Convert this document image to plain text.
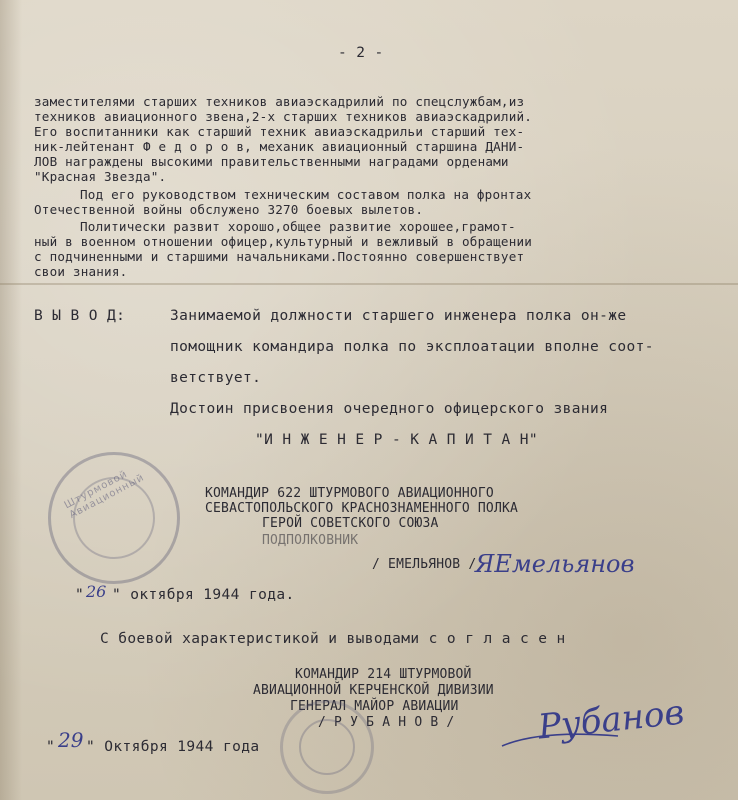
- 2 -
заместителями старших техников авиаэскадрилий по спецслужбам,из
техников авиационного звена,2-х старших техников авиаэскадрилий.
Его воспитанники как старший техник авиаэскадрильи старший тех-
ник-лейтенант Ф е д о р о в, механик авиационный старшина ДАНИ-
ЛОВ награждены высокими правительственными наградами орденами
"Красная Звезда".
Под его руководством техническим составом полка на фронтах
Отечественной войны обслужено 3270 боевых вылетов.
Политически развит хорошо,общее развитие хорошее,грамот-
ный в военном отношении офицер,культурный и вежливый в обращении
с подчиненными и старшими начальниками.Постоянно совершенствует
свои знания.
В Ы В О Д:	Занимаемой должности старшего инженера полка он-же
помощник командира полка по эксплоатации вполне соот-
ветствует.
Достоин присвоения очередного офицерского звания
"И Н Ж Е Н Е Р - К А П И Т А Н"
Штурмовой Авиационный	КОМАНДИР 622 ШТУРМОВОГО АВИАЦИОННОГО
СЕВАСТОПОЛЬСКОГО КРАСНОЗНАМЕННОГО ПОЛКА
ГЕРОЙ СОВЕТСКОГО СОЮЗА
ПОДПОЛКОВНИК
/ ЕМЕЛЬЯНОВ /
ЯЕмельянов
" 26 " октября 1944 года.
С боевой характеристикой и выводами с о г л а с е н
КОМАНДИР 214 ШТУРМОВОЙ
АВИАЦИОННОЙ КЕРЧЕНСКОЙ ДИВИЗИИ
ГЕНЕРАЛ МАЙОР АВИАЦИИ
/ Р У Б А Н О В / Рубанов
" 29 " Октября 1944 года
